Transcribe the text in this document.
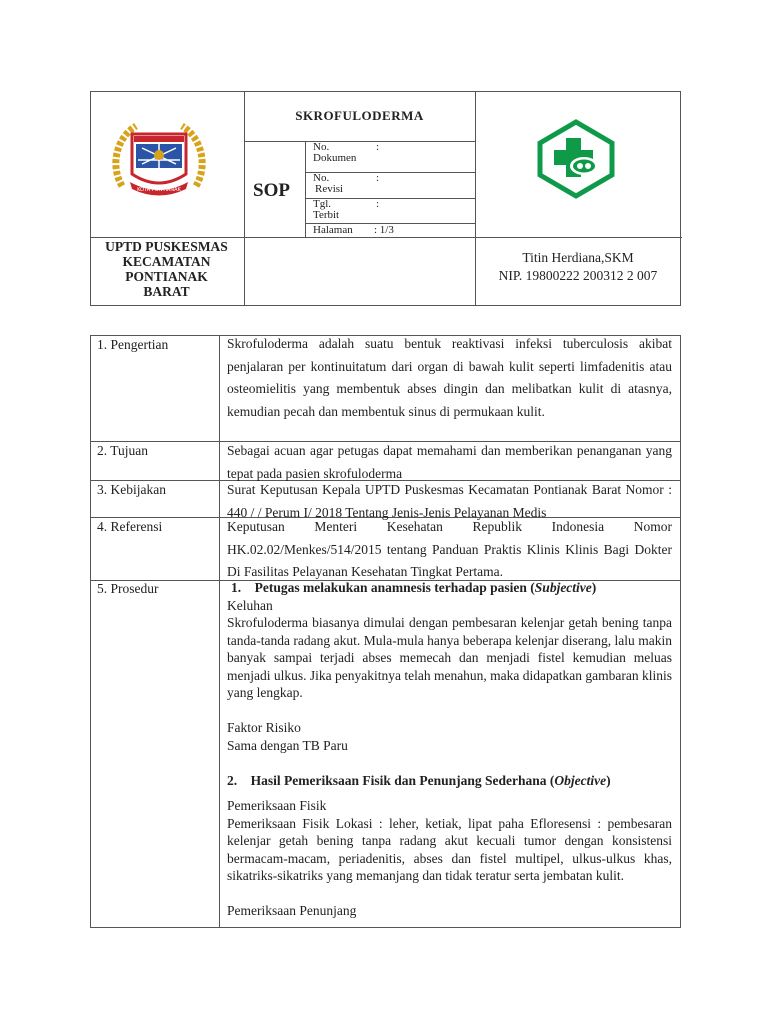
KOTA PONTIANAK
SKROFULODERMA
SOP
No.
Dokumen
:
No.
Revisi
:
Tgl.
Terbit
:
Halaman : 1/3
UPTD PUSKESMAS
KECAMATAN
PONTIANAK
BARAT
Titin Herdiana,SKM
NIP. 19800222 200312 2 007
1. Pengertian
2. Tujuan
3. Kebijakan
4. Referensi
5. Prosedur
Skrofuloderma adalah suatu bentuk reaktivasi infeksi tuberculosis akibat penjalaran per kontinuitatum dari organ di bawah kulit seperti limfadenitis atau osteomielitis yang membentuk abses dingin dan melibatkan kulit di atasnya, kemudian pecah dan membentuk sinus di permukaan kulit.
Sebagai acuan agar petugas dapat memahami dan memberikan penanganan yang tepat pada pasien skrofuloderma
Surat Keputusan Kepala UPTD Puskesmas Kecamatan Pontianak Barat Nomor : 440 / / Perum I/ 2018 Tentang Jenis-Jenis Pelayanan Medis
Keputusan Menteri Kesehatan Republik Indonesia Nomor HK.02.02/Menkes/514/2015 tentang Panduan Praktis Klinis Klinis Bagi Dokter Di Fasilitas Pelayanan Kesehatan Tingkat Pertama.
1. Petugas melakukan anamnesis terhadap pasien (Subjective)
Keluhan
Skrofuloderma biasanya dimulai dengan pembesaran kelenjar getah bening tanpa tanda-tanda radang akut. Mula-mula hanya beberapa kelenjar diserang, lalu makin banyak sampai terjadi abses memecah dan menjadi fistel kemudian meluas menjadi ulkus. Jika penyakitnya telah menahun, maka didapatkan gambaran klinis yang lengkap.
Faktor Risiko
Sama dengan TB Paru
2. Hasil Pemeriksaan Fisik dan Penunjang Sederhana (Objective)
Pemeriksaan Fisik
Pemeriksaan Fisik Lokasi : leher, ketiak, lipat paha Efloresensi : pembesaran kelenjar getah bening tanpa radang akut kecuali tumor dengan konsistensi bermacam-macam, periadenitis, abses dan fistel multipel, ulkus-ulkus khas, sikatriks-sikatriks yang memanjang dan tidak teratur serta jembatan kulit.
Pemeriksaan Penunjang
